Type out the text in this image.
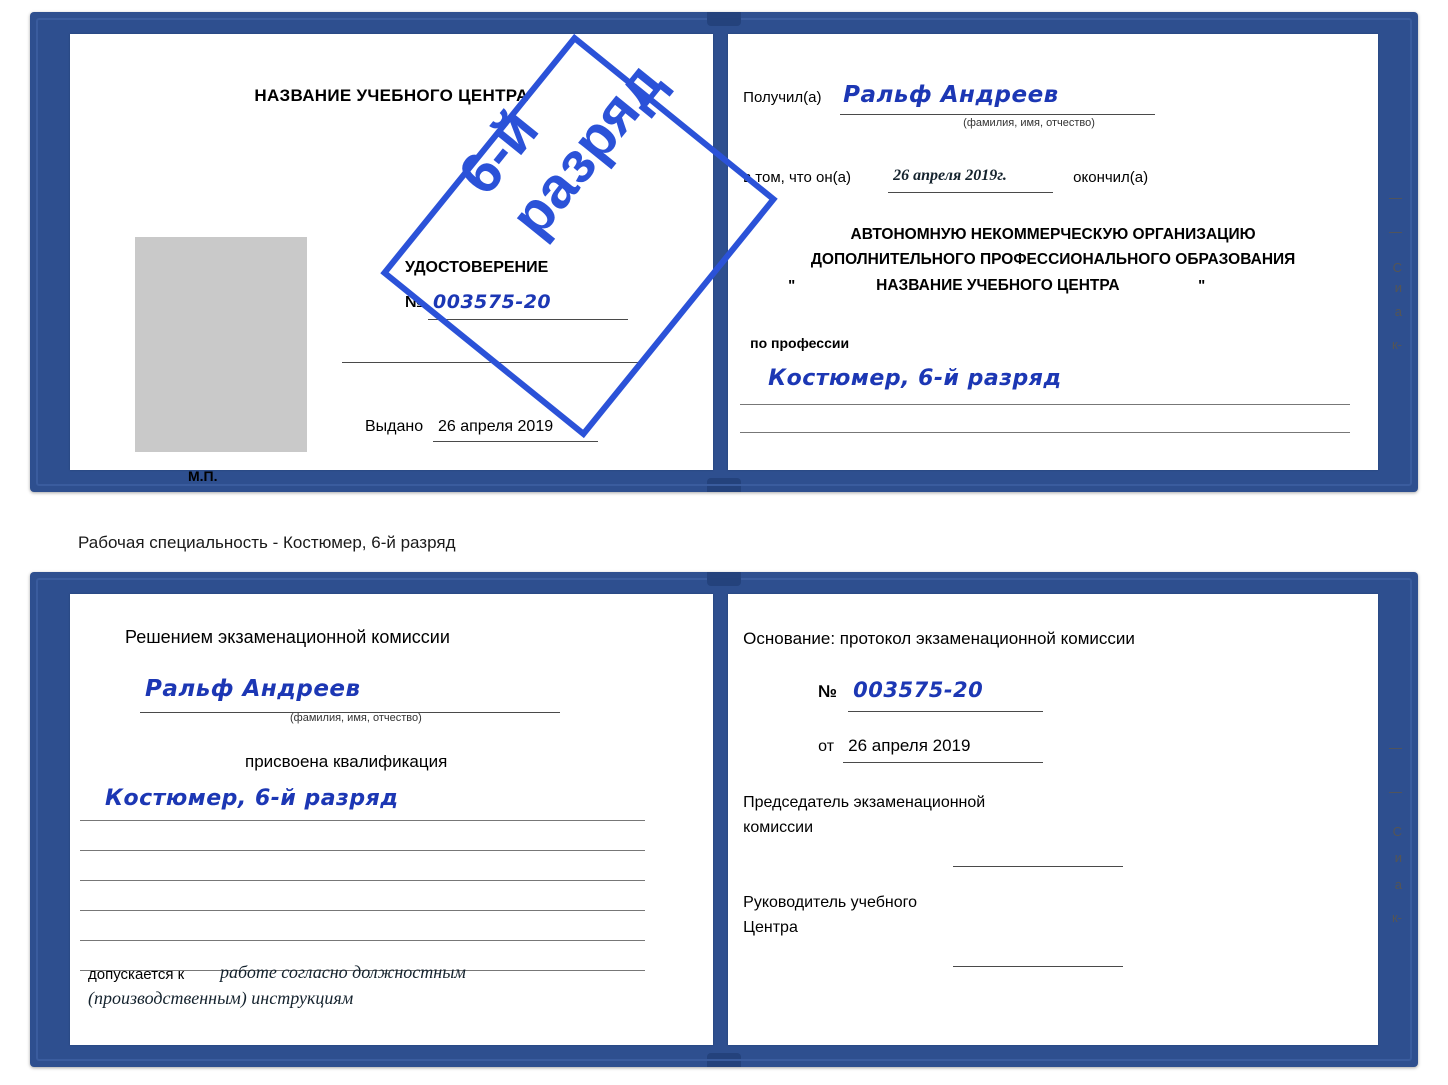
НАЗВАНИЕ УЧЕБНОГО ЦЕНТРА
УДОСТОВЕРЕНИЕ
№ 003575-20
Выдано 26 апреля 2019
М.П.
Получил(а) Ральф Андреев
(фамилия, имя, отчество)
в том, что он(а)	26 апреля 2019г.	окончил(а)
АВТОНОМНУЮ НЕКОММЕРЧЕСКУЮ ОРГАНИЗАЦИЮ
ДОПОЛНИТЕЛЬНОГО ПРОФЕССИОНАЛЬНОГО ОБРАЗОВАНИЯ
"	НАЗВАНИЕ УЧЕБНОГО ЦЕНТРА	"
по профессии
Костюмер, 6-й разряд
—
—
С
и
а
к-
6-й разряд
Рабочая специальность - Костюмер, 6-й разряд
Решением экзаменационной комиссии
Ральф Андреев
(фамилия, имя, отчество)
присвоена квалификация
Костюмер, 6-й разряд
допускается к работе согласно должностным
(производственным) инструкциям
Основание: протокол экзаменационной комиссии
№ 003575-20
от 26 апреля 2019
Председатель экзаменационной
комиссии
Руководитель учебного
Центра
—
—
С
и
а
к-
